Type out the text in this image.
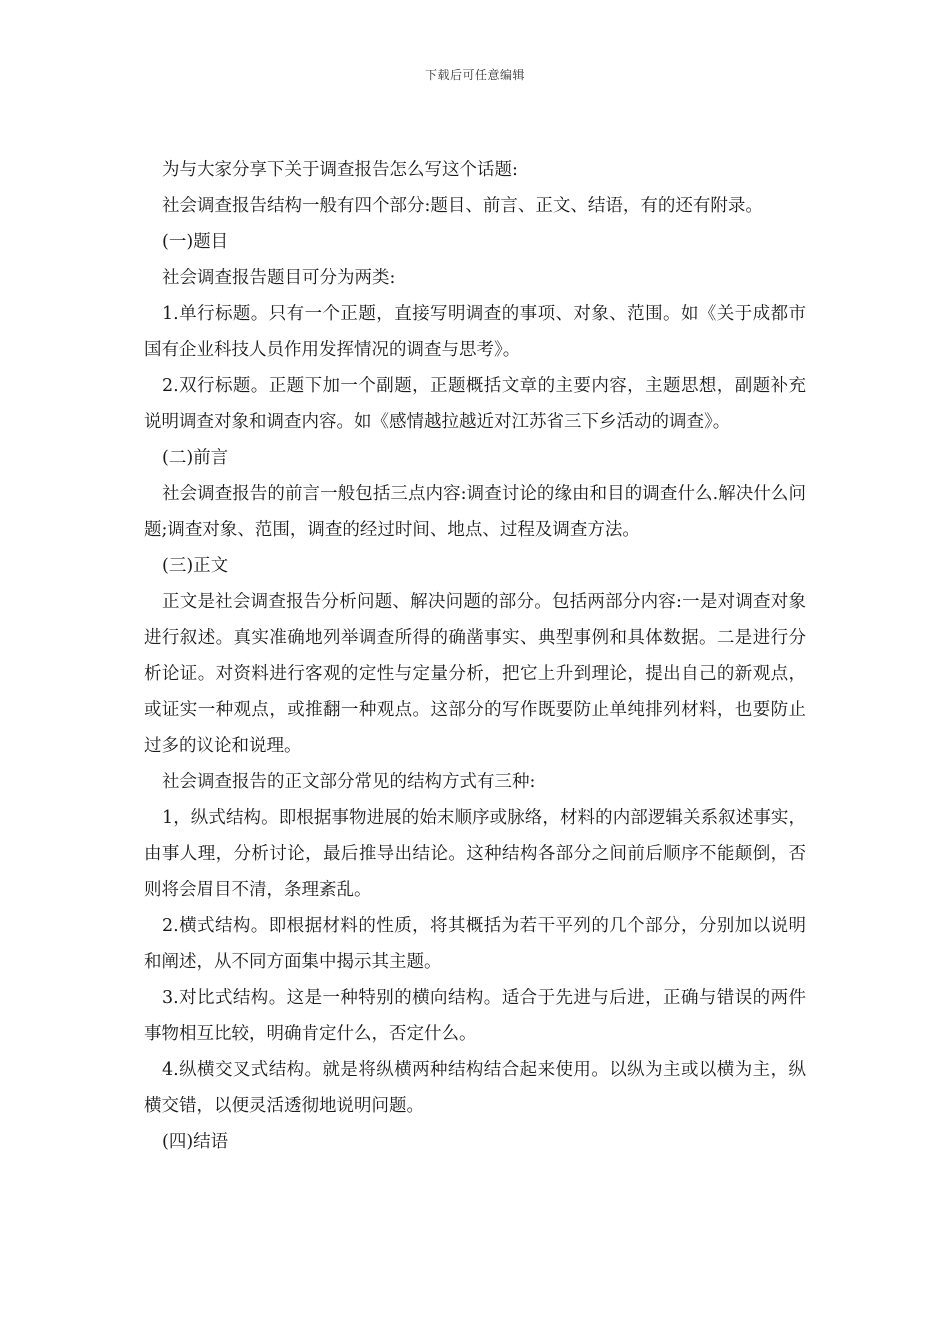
下载后可任意编辑

为与大家分享下关于调查报告怎么写这个话题:

社会调查报告结构一般有四个部分:题目、前言、正文、结语，有的还有附录。

(一)题目

社会调查报告题目可分为两类:

1.单行标题。只有一个正题，直接写明调查的事项、对象、范围。如《关于成都市国有企业科技人员作用发挥情况的调查与思考》。

2.双行标题。正题下加一个副题，正题概括文章的主要内容，主题思想，副题补充说明调查对象和调查内容。如《感情越拉越近对江苏省三下乡活动的调查》。

(二)前言

社会调查报告的前言一般包括三点内容:调查讨论的缘由和目的调查什么.解决什么问题;调查对象、范围，调查的经过时间、地点、过程及调查方法。

(三)正文

正文是社会调查报告分析问题、解决问题的部分。包括两部分内容:一是对调查对象进行叙述。真实准确地列举调查所得的确凿事实、典型事例和具体数据。二是进行分析论证。对资料进行客观的定性与定量分析，把它上升到理论，提出自己的新观点，或证实一种观点，或推翻一种观点。这部分的写作既要防止单纯排列材料，也要防止过多的议论和说理。

社会调查报告的正文部分常见的结构方式有三种:

1，纵式结构。即根据事物进展的始末顺序或脉络，材料的内部逻辑关系叙述事实，由事人理，分析讨论，最后推导出结论。这种结构各部分之间前后顺序不能颠倒，否则将会眉目不清，条理紊乱。

2.横式结构。即根据材料的性质，将其概括为若干平列的几个部分，分别加以说明和阐述，从不同方面集中揭示其主题。

3.对比式结构。这是一种特别的横向结构。适合于先进与后进，正确与错误的两件事物相互比较，明确肯定什么，否定什么。

4.纵横交叉式结构。就是将纵横两种结构结合起来使用。以纵为主或以横为主，纵横交错，以便灵活透彻地说明问题。

(四)结语
